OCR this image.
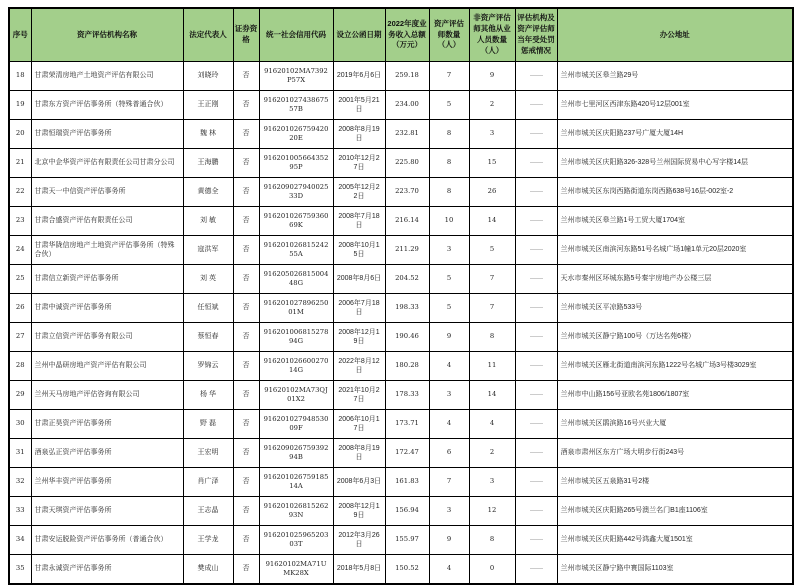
序号	资产评估机构名称	法定代表人	证券资格	统一社会信用代码	设立公函日期	2022年度业务收入总额（万元）	资产评估师数量（人）	非资产评估师其他从业人员数量（人）	评估机构及资产评估师当年受处罚惩戒情况	办公地址
18	甘肃荣清房地产土地资产评估有限公司	刘晓玲	否	91620102MA7392P57X	2019年6月6日	259.18	7	9	——	兰州市城关区皋兰路29号
19	甘肃东方资产评估事务所（特殊普通合伙）	王正刚	否	91620102743867557B	2001年5月21日	234.00	5	2	——	兰州市七里河区西津东路420号12层001室
20	甘肃恒瑞资产评估事务所	魏 林	否	91620102675942020E	2008年8月19日	232.81	8	3	——	兰州市城关区庆阳路237号广厦大厦14H
21	北京中企华资产评估有限责任公司甘肃分公司	王海鹏	否	91620100566435295P	2010年12月27日	225.80	8	15	——	兰州市城关区庆阳路326-328号兰州国际贸易中心写字楼14层
22	甘肃天一中信资产评估事务所	黄德全	否	91620902794002533D	2005年12月22日	223.70	8	26	——	兰州市城关区东岗西路街道东岗西路638号16层-002室-2
23	甘肃合盛资产评估有限责任公司	刘 敏	否	91620102675936069K	2008年7月18日	216.14	10	14	——	兰州市城关区皋兰路1号工贸大厦1704室
24	甘肃华陇信房地产土地资产评估事务所（特殊合伙）	寇洪军	否	91620102681524255A	2008年10月15日	211.29	3	5	——	兰州市城关区南滨河东路51号名城广场1幢1单元20层2020室
25	甘肃信立新资产评估事务所	刘 英	否	91620502681500448G	2008年8月6日	204.52	5	7	——	天水市秦州区环城东路5号秦宇房地产办公楼三层
26	甘肃中诚资产评估事务所	任恒斌	否	91620102789625001M	2006年7月18日	198.33	5	7	——	兰州市城关区平凉路533号
27	甘肃立信资产评估事务有限公司	蔡恒春	否	91620100681527894G	2008年12月19日	190.46	9	8	——	兰州市城关区静宁路100号（万达名苑6楼）
28	兰州中晶研房地产资产评估有限公司	罗锦云	否	91620102660027014G	2022年8月12日	180.28	4	11	——	兰州市城关区雁北街道南滨河东路1222号名城广场3号楼3029室
29	兰州天马房地产评估咨询有限公司	杨 华	否	91620102MA73QJ01X2	2021年10月27日	178.33	3	14	——	兰州市中山路156号亚欧名苑1806/1807室
30	甘肃正昊资产评估事务所	野 磊	否	91620102794853009F	2006年10月17日	173.71	4	4	——	兰州市城关区鹃滨路16号兴业大厦
31	酒泉弘正资产评估事务所	王宏明	否	91620902675939294B	2008年8月19日	172.47	6	2	——	酒泉市肃州区东方广场大明步行街243号
32	兰州华丰资产评估事务所	肖广泽	否	91620102675918514A	2008年6月3日	161.83	7	3	——	兰州市城关区五泉路31号2楼
33	甘肃天琪资产评估事务所	王志晶	否	91620102681526293N	2008年12月19日	156.94	3	12	——	兰州市城关区庆阳路265号澳兰名门B1座1106室
34	甘肃安运脱险资产评估事务所（普通合伙）	王学龙	否	91620102596520303T	2012年3月26日	155.97	9	8	——	兰州市城关区庆阳路442号鸿鑫大厦1501室
35	甘肃永诚资产评估事务所	樊成山	否	91620102MA71UMK28X	2018年5月8日	150.52	4	0	——	兰州市城关区静宁路中寰国际1103室
